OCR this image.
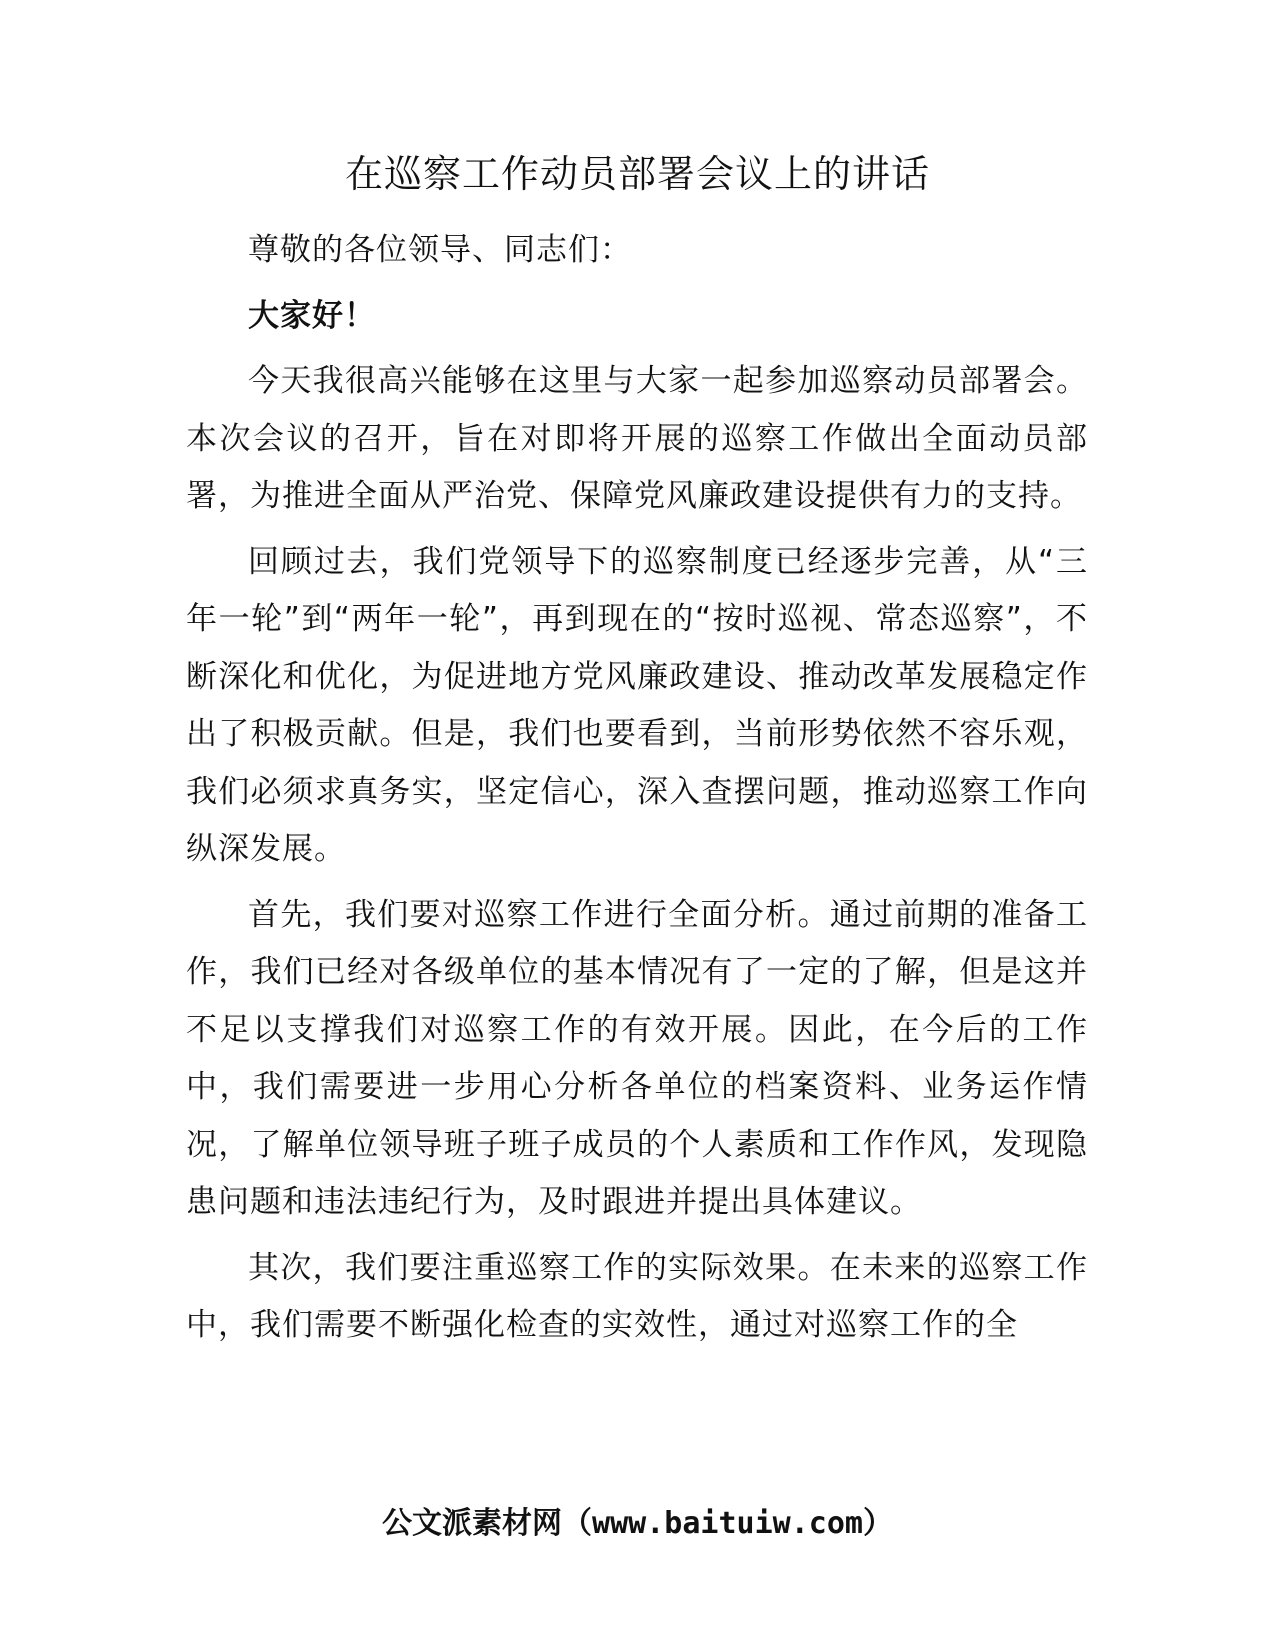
在巡察工作动员部署会议上的讲话

尊敬的各位领导、同志们：

大家好！

今天我很高兴能够在这里与大家一起参加巡察动员部署会。本次会议的召开，旨在对即将开展的巡察工作做出全面动员部署，为推进全面从严治党、保障党风廉政建设提供有力的支持。

回顾过去，我们党领导下的巡察制度已经逐步完善，从“三年一轮”到“两年一轮”，再到现在的“按时巡视、常态巡察”，不断深化和优化，为促进地方党风廉政建设、推动改革发展稳定作出了积极贡献。但是，我们也要看到，当前形势依然不容乐观，我们必须求真务实，坚定信心，深入查摆问题，推动巡察工作向纵深发展。

首先，我们要对巡察工作进行全面分析。通过前期的准备工作，我们已经对各级单位的基本情况有了一定的了解，但是这并不足以支撑我们对巡察工作的有效开展。因此，在今后的工作中，我们需要进一步用心分析各单位的档案资料、业务运作情况，了解单位领导班子班子成员的个人素质和工作作风，发现隐患问题和违法违纪行为，及时跟进并提出具体建议。

其次，我们要注重巡察工作的实际效果。在未来的巡察工作中，我们需要不断强化检查的实效性，通过对巡察工作的全

公文派素材网（www.baituiw.com）
